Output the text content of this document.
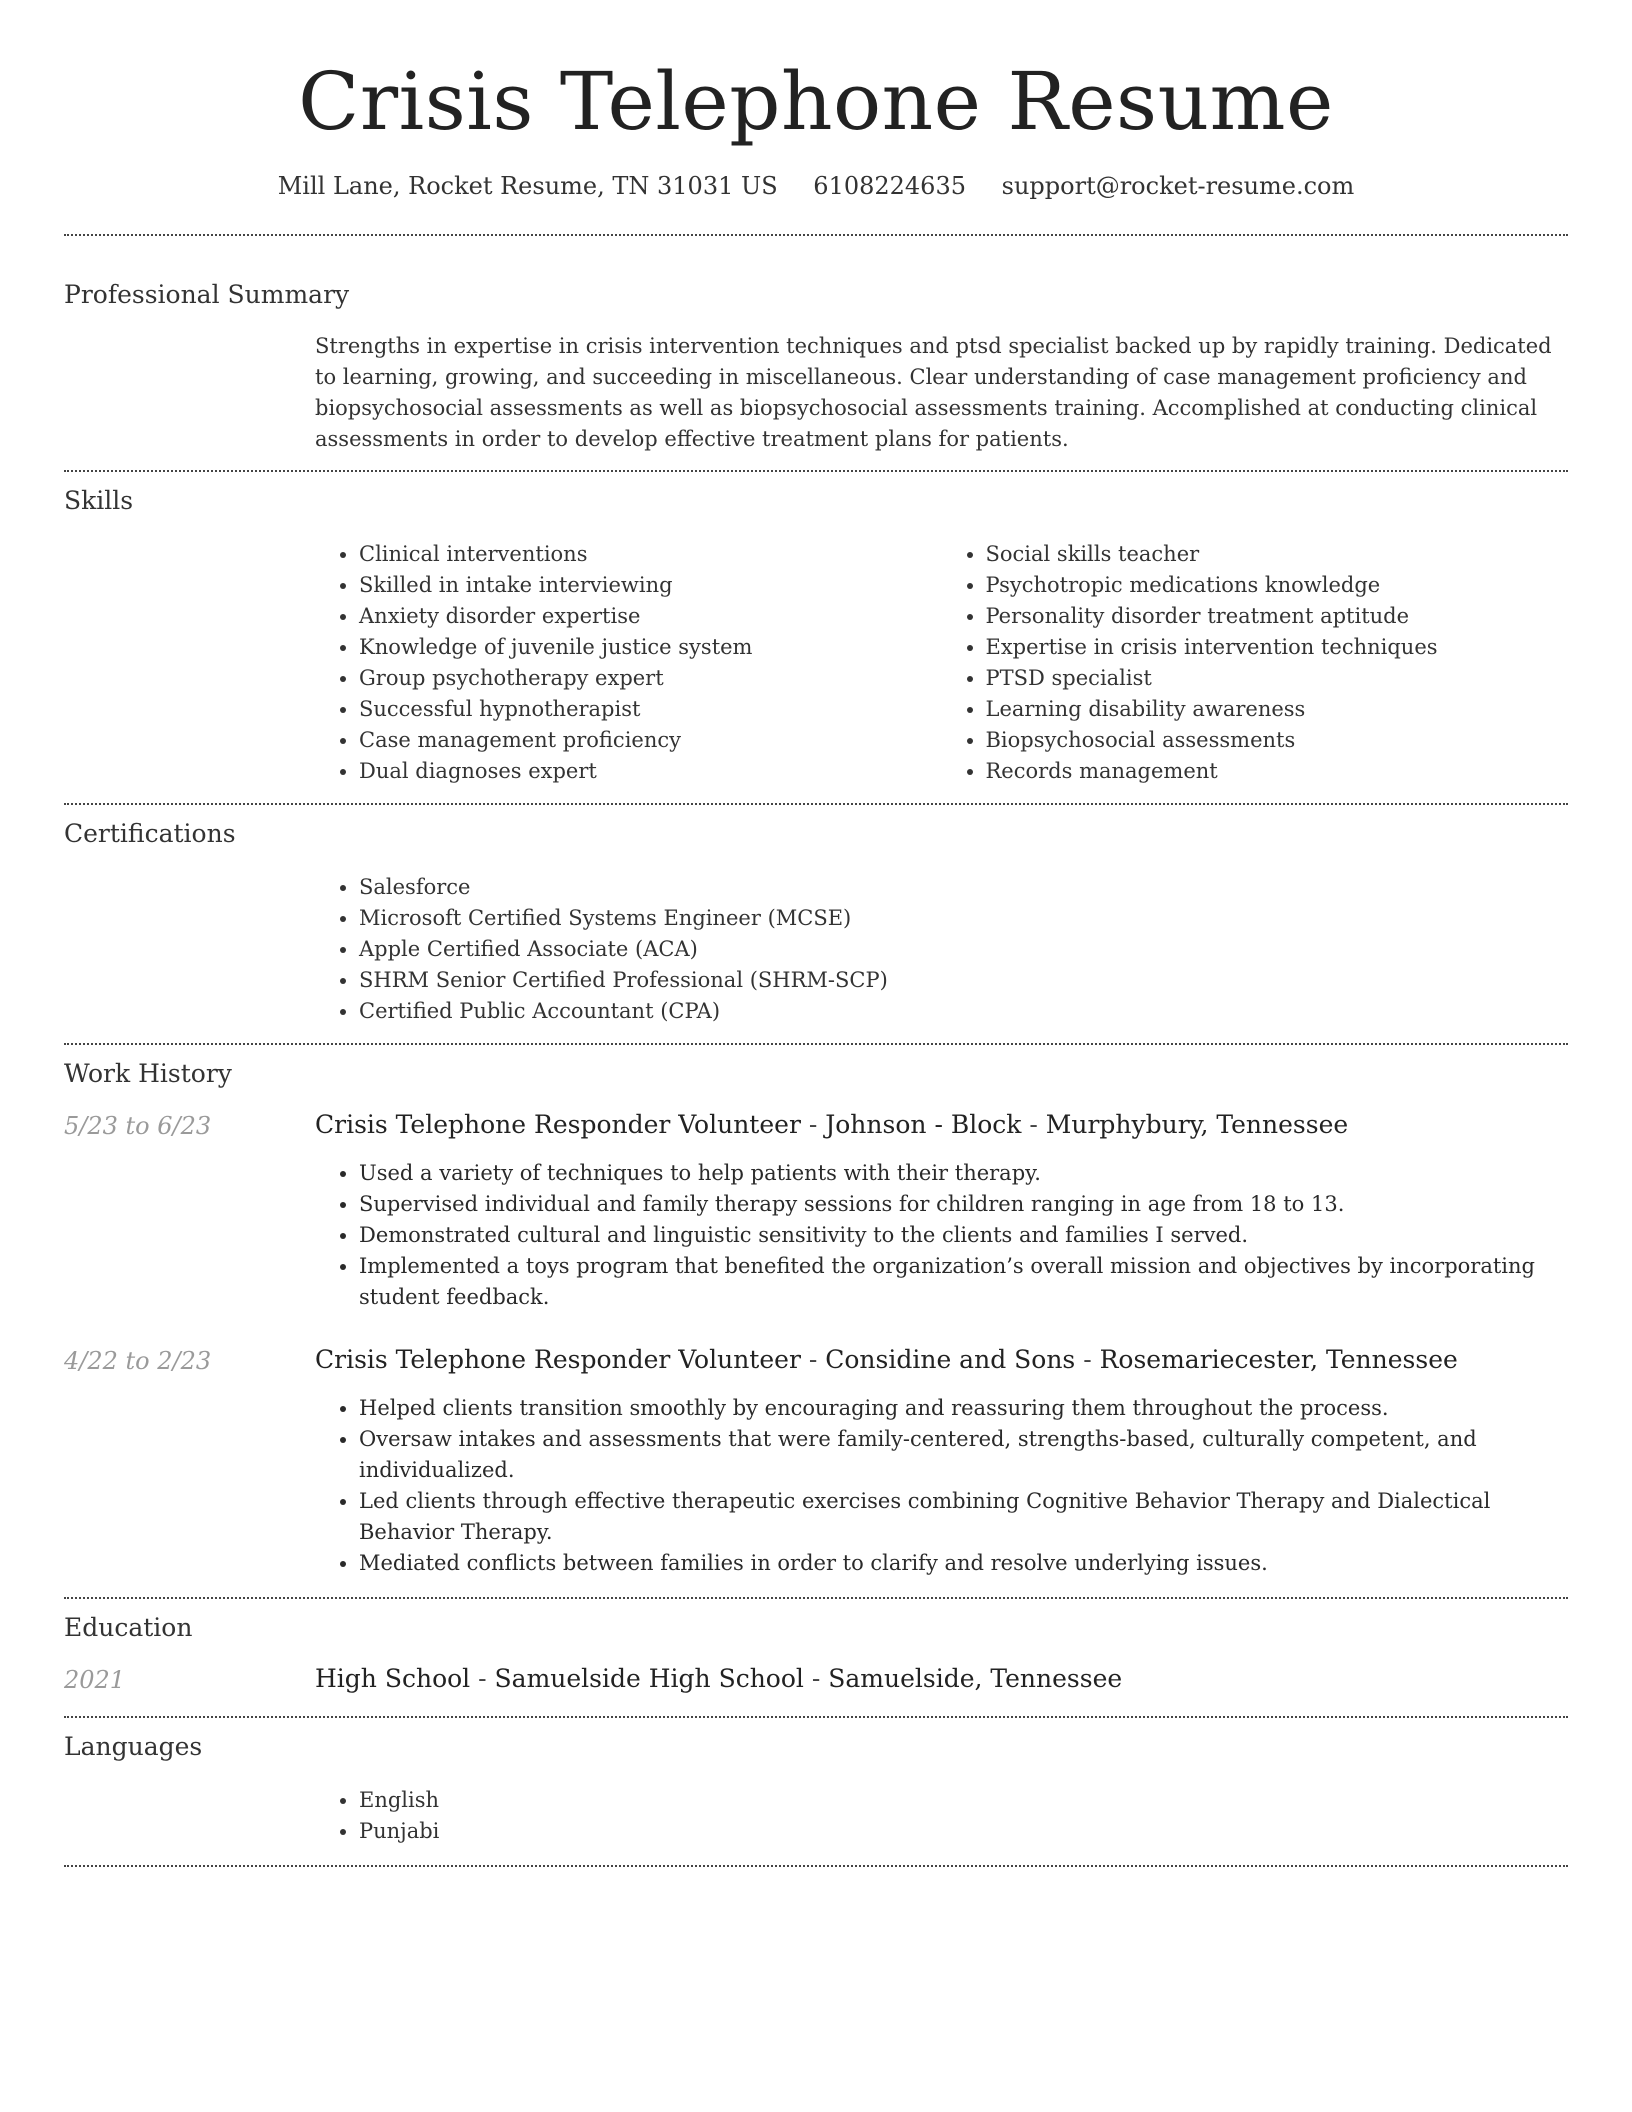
Crisis Telephone Resume
Mill Lane, Rocket Resume, TN 31031 US 6108224635 support@rocket-resume.com
Professional Summary

Strengths in expertise in crisis intervention techniques and ptsd specialist backed up by rapidly training. Dedicated to learning, growing, and succeeding in miscellaneous. Clear understanding of case management proficiency and biopsychosocial assessments as well as biopsychosocial assessments training. Accomplished at conducting clinical assessments in order to develop effective treatment plans for patients.

Skills
• Clinical interventions
• Skilled in intake interviewing
• Anxiety disorder expertise
• Knowledge of juvenile justice system
• Group psychotherapy expert
• Successful hypnotherapist
• Case management proficiency
• Dual diagnoses expert
• Social skills teacher
• Psychotropic medications knowledge
• Personality disorder treatment aptitude
• Expertise in crisis intervention techniques
• PTSD specialist
• Learning disability awareness
• Biopsychosocial assessments
• Records management
Certifications
• Salesforce
• Microsoft Certified Systems Engineer (MCSE)
• Apple Certified Associate (ACA)
• SHRM Senior Certified Professional (SHRM-SCP)
• Certified Public Accountant (CPA)
Work History
5/23 to 6/23	Crisis Telephone Responder Volunteer - Johnson - Block - Murphybury, Tennessee
• Used a variety of techniques to help patients with their therapy.
• Supervised individual and family therapy sessions for children ranging in age from 18 to 13.
• Demonstrated cultural and linguistic sensitivity to the clients and families I served.
• Implemented a toys program that benefited the organization’s overall mission and objectives by incorporating student feedback.
4/22 to 2/23	Crisis Telephone Responder Volunteer - Considine and Sons - Rosemariecester, Tennessee
• Helped clients transition smoothly by encouraging and reassuring them throughout the process.
• Oversaw intakes and assessments that were family-centered, strengths-based, culturally competent, and individualized.
• Led clients through effective therapeutic exercises combining Cognitive Behavior Therapy and Dialectical Behavior Therapy.
• Mediated conflicts between families in order to clarify and resolve underlying issues.
Education
2021	High School - Samuelside High School - Samuelside, Tennessee
Languages
• English
• Punjabi
